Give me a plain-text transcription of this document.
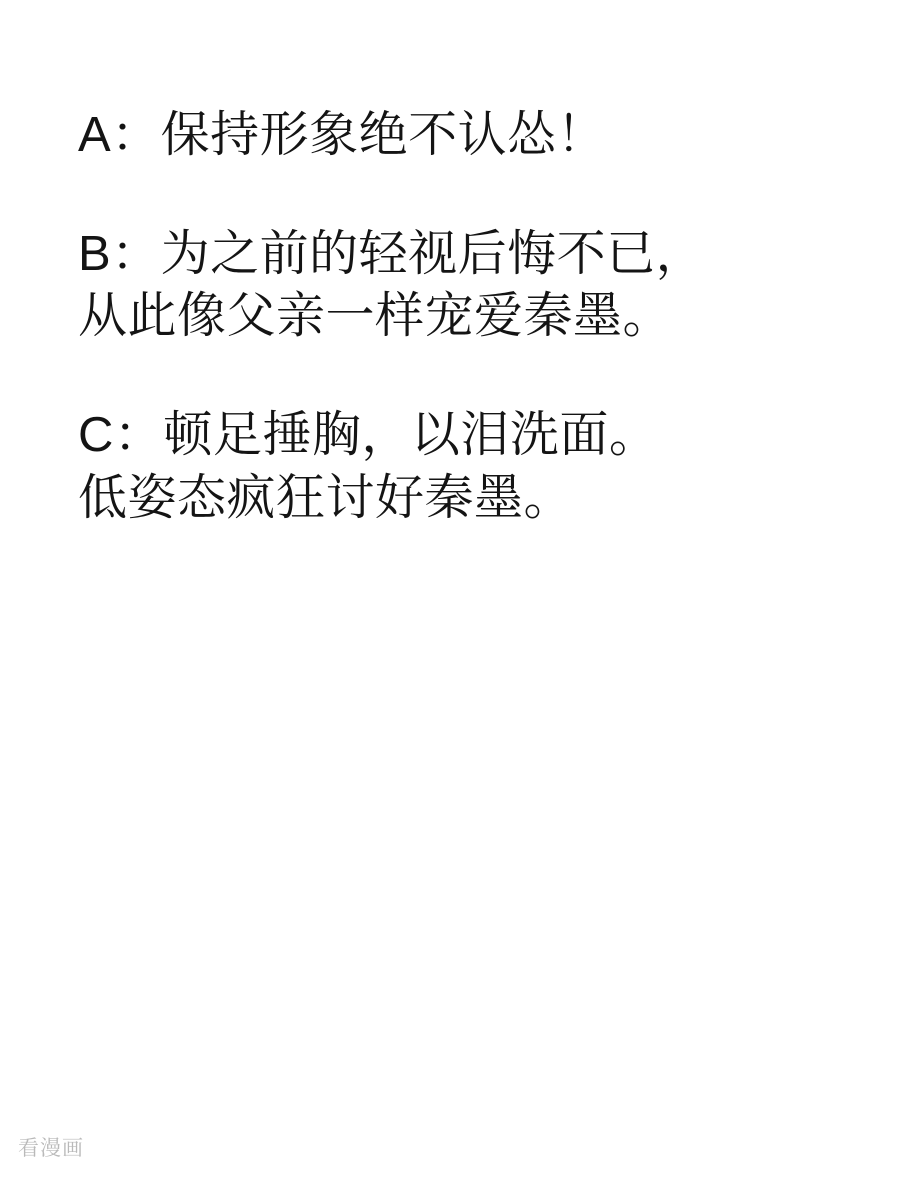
A：保持形象绝不认怂！
B：为之前的轻视后悔不已，
从此像父亲一样宠爱秦墨。
C：顿足捶胸，以泪洗面。
低姿态疯狂讨好秦墨。
看漫画
